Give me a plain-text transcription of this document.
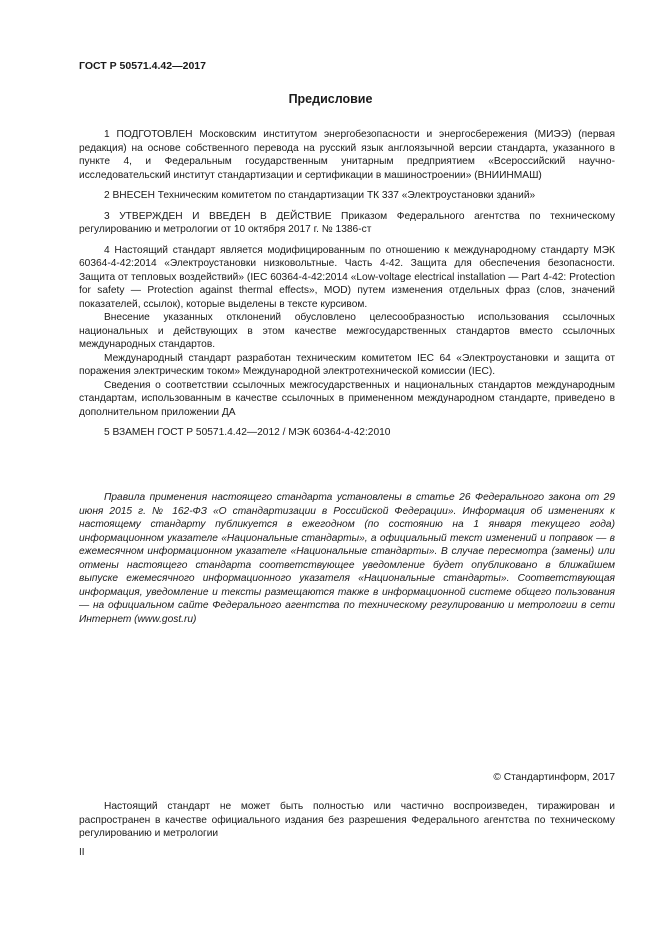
ГОСТ Р 50571.4.42—2017
Предисловие

1 ПОДГОТОВЛЕН Московским институтом энергобезопасности и энергосбережения (МИЭЭ) (первая редакция) на основе собственного перевода на русский язык англоязычной версии стандарта, указанного в пункте 4, и Федеральным государственным унитарным предприятием «Всероссийский научно-исследовательский институт стандартизации и сертификации в машиностроении» (ВНИИНМАШ)

2 ВНЕСЕН Техническим комитетом по стандартизации ТК 337 «Электроустановки зданий»

3 УТВЕРЖДЕН И ВВЕДЕН В ДЕЙСТВИЕ Приказом Федерального агентства по техническому регулированию и метрологии от 10 октября 2017 г. № 1386-ст

4 Настоящий стандарт является модифицированным по отношению к международному стандарту МЭК 60364-4-42:2014 «Электроустановки низковольтные. Часть 4-42. Защита для обеспечения безопасности. Защита от тепловых воздействий» (IEC 60364-4-42:2014 «Low-voltage electrical installation — Part 4-42: Protection for safety — Protection against thermal effects», MOD) путем изменения отдельных фраз (слов, значений показателей, ссылок), которые выделены в тексте курсивом.

Внесение указанных отклонений обусловлено целесообразностью использования ссылочных национальных и действующих в этом качестве межгосударственных стандартов вместо ссылочных международных стандартов.

Международный стандарт разработан техническим комитетом IEC 64 «Электроустановки и защита от поражения электрическим током» Международной электротехнической комиссии (IEC).

Сведения о соответствии ссылочных межгосударственных и национальных стандартов международным стандартам, использованным в качестве ссылочных в примененном международном стандарте, приведено в дополнительном приложении ДА

5 ВЗАМЕН ГОСТ Р 50571.4.42—2012 / МЭК 60364-4-42:2010

Правила применения настоящего стандарта установлены в статье 26 Федерального закона от 29 июня 2015 г. № 162-ФЗ «О стандартизации в Российской Федерации». Информация об изменениях к настоящему стандарту публикуется в ежегодном (по состоянию на 1 января текущего года) информационном указателе «Национальные стандарты», а официальный текст изменений и поправок — в ежемесячном информационном указателе «Национальные стандарты». В случае пересмотра (замены) или отмены настоящего стандарта соответствующее уведомление будет опубликовано в ближайшем выпуске ежемесячного информационного указателя «Национальные стандарты». Соответствующая информация, уведомление и тексты размещаются также в информационной системе общего пользования — на официальном сайте Федерального агентства по техническому регулированию и метрологии в сети Интернет (www.gost.ru)

© Стандартинформ, 2017

Настоящий стандарт не может быть полностью или частично воспроизведен, тиражирован и распространен в качестве официального издания без разрешения Федерального агентства по техническому регулированию и метрологии

II
